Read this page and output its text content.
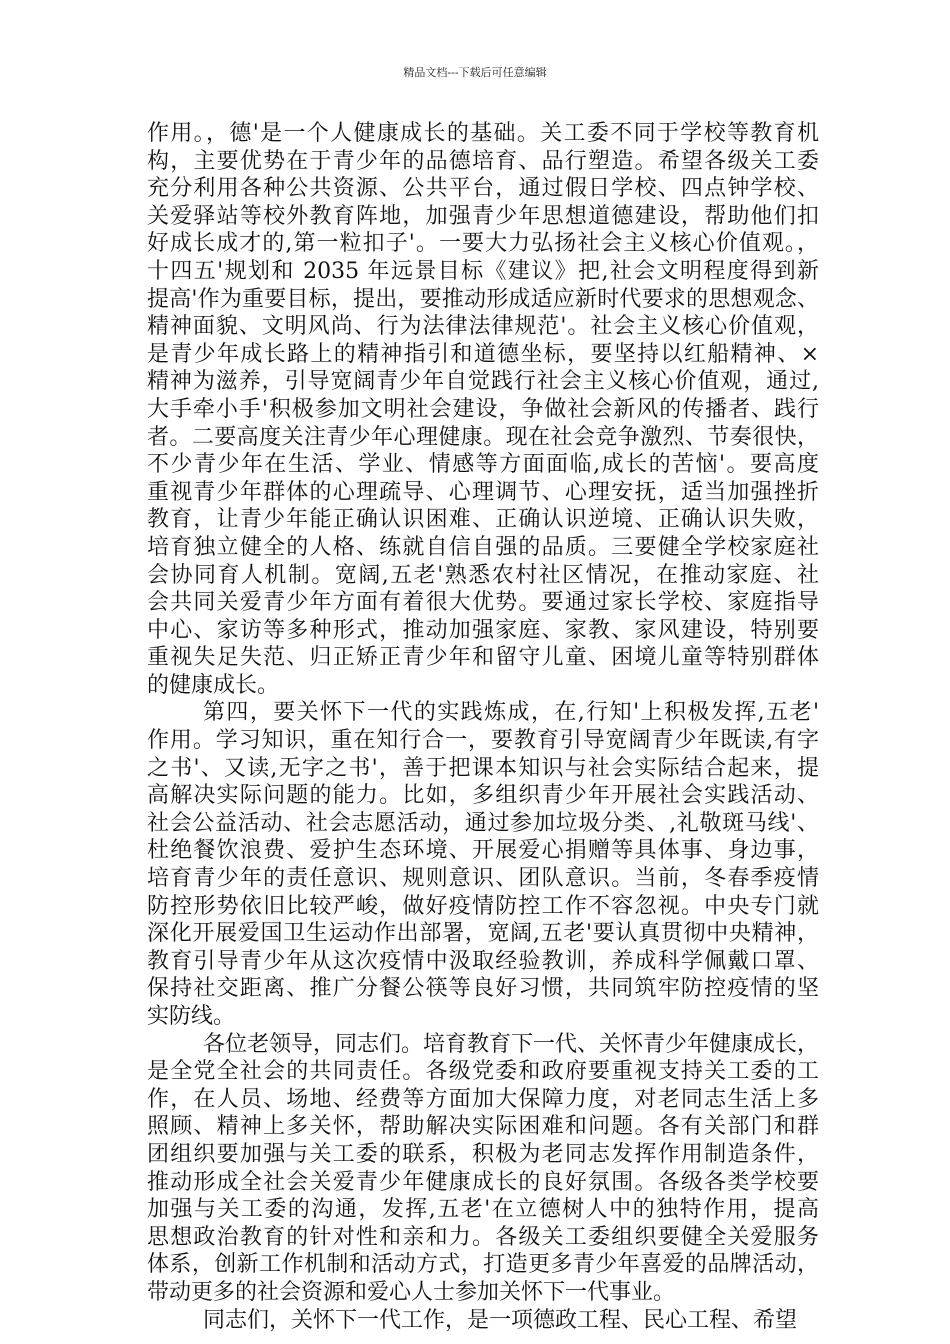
精品文档---下载后可任意编辑
作用。，德'是一个人健康成长的基础。关工委不同于学校等教育机
构，主要优势在于青少年的品德培育、品行塑造。希望各级关工委
充分利用各种公共资源、公共平台，通过假日学校、四点钟学校、
关爱驿站等校外教育阵地，加强青少年思想道德建设，帮助他们扣
好成长成才的,第一粒扣子'。一要大力弘扬社会主义核心价值观。，
十四五'规划和 2035 年远景目标《建议》把,社会文明程度得到新
提高'作为重要目标，提出，要推动形成适应新时代要求的思想观念、
精神面貌、文明风尚、行为法律法律规范'。社会主义核心价值观，
是青少年成长路上的精神指引和道德坐标，要坚持以红船精神、×
精神为滋养，引导宽阔青少年自觉践行社会主义核心价值观，通过,
大手牵小手'积极参加文明社会建设，争做社会新风的传播者、践行
者。二要高度关注青少年心理健康。现在社会竞争激烈、节奏很快，
不少青少年在生活、学业、情感等方面面临,成长的苦恼'。要高度
重视青少年群体的心理疏导、心理调节、心理安抚，适当加强挫折
教育，让青少年能正确认识困难、正确认识逆境、正确认识失败，
培育独立健全的人格、练就自信自强的品质。三要健全学校家庭社
会协同育人机制。宽阔,五老'熟悉农村社区情况，在推动家庭、社
会共同关爱青少年方面有着很大优势。要通过家长学校、家庭指导
中心、家访等多种形式，推动加强家庭、家教、家风建设，特别要
重视失足失范、归正矫正青少年和留守儿童、困境儿童等特别群体
的健康成长。
第四，要关怀下一代的实践炼成，在,行知'上积极发挥,五老'
作用。学习知识，重在知行合一，要教育引导宽阔青少年既读,有字
之书'、又读,无字之书'，善于把课本知识与社会实际结合起来，提
高解决实际问题的能力。比如，多组织青少年开展社会实践活动、
社会公益活动、社会志愿活动，通过参加垃圾分类、,礼敬斑马线'、
杜绝餐饮浪费、爱护生态环境、开展爱心捐赠等具体事、身边事，
培育青少年的责任意识、规则意识、团队意识。当前，冬春季疫情
防控形势依旧比较严峻，做好疫情防控工作不容忽视。中央专门就
深化开展爱国卫生运动作出部署，宽阔,五老'要认真贯彻中央精神，
教育引导青少年从这次疫情中汲取经验教训，养成科学佩戴口罩、
保持社交距离、推广分餐公筷等良好习惯，共同筑牢防控疫情的坚
实防线。
各位老领导，同志们。培育教育下一代、关怀青少年健康成长，
是全党全社会的共同责任。各级党委和政府要重视支持关工委的工
作，在人员、场地、经费等方面加大保障力度，对老同志生活上多
照顾、精神上多关怀，帮助解决实际困难和问题。各有关部门和群
团组织要加强与关工委的联系，积极为老同志发挥作用制造条件，
推动形成全社会关爱青少年健康成长的良好氛围。各级各类学校要
加强与关工委的沟通，发挥,五老'在立德树人中的独特作用，提高
思想政治教育的针对性和亲和力。各级关工委组织要健全关爱服务
体系，创新工作机制和活动方式，打造更多青少年喜爱的品牌活动，
带动更多的社会资源和爱心人士参加关怀下一代事业。
同志们，关怀下一代工作，是一项德政工程、民心工程、希望
